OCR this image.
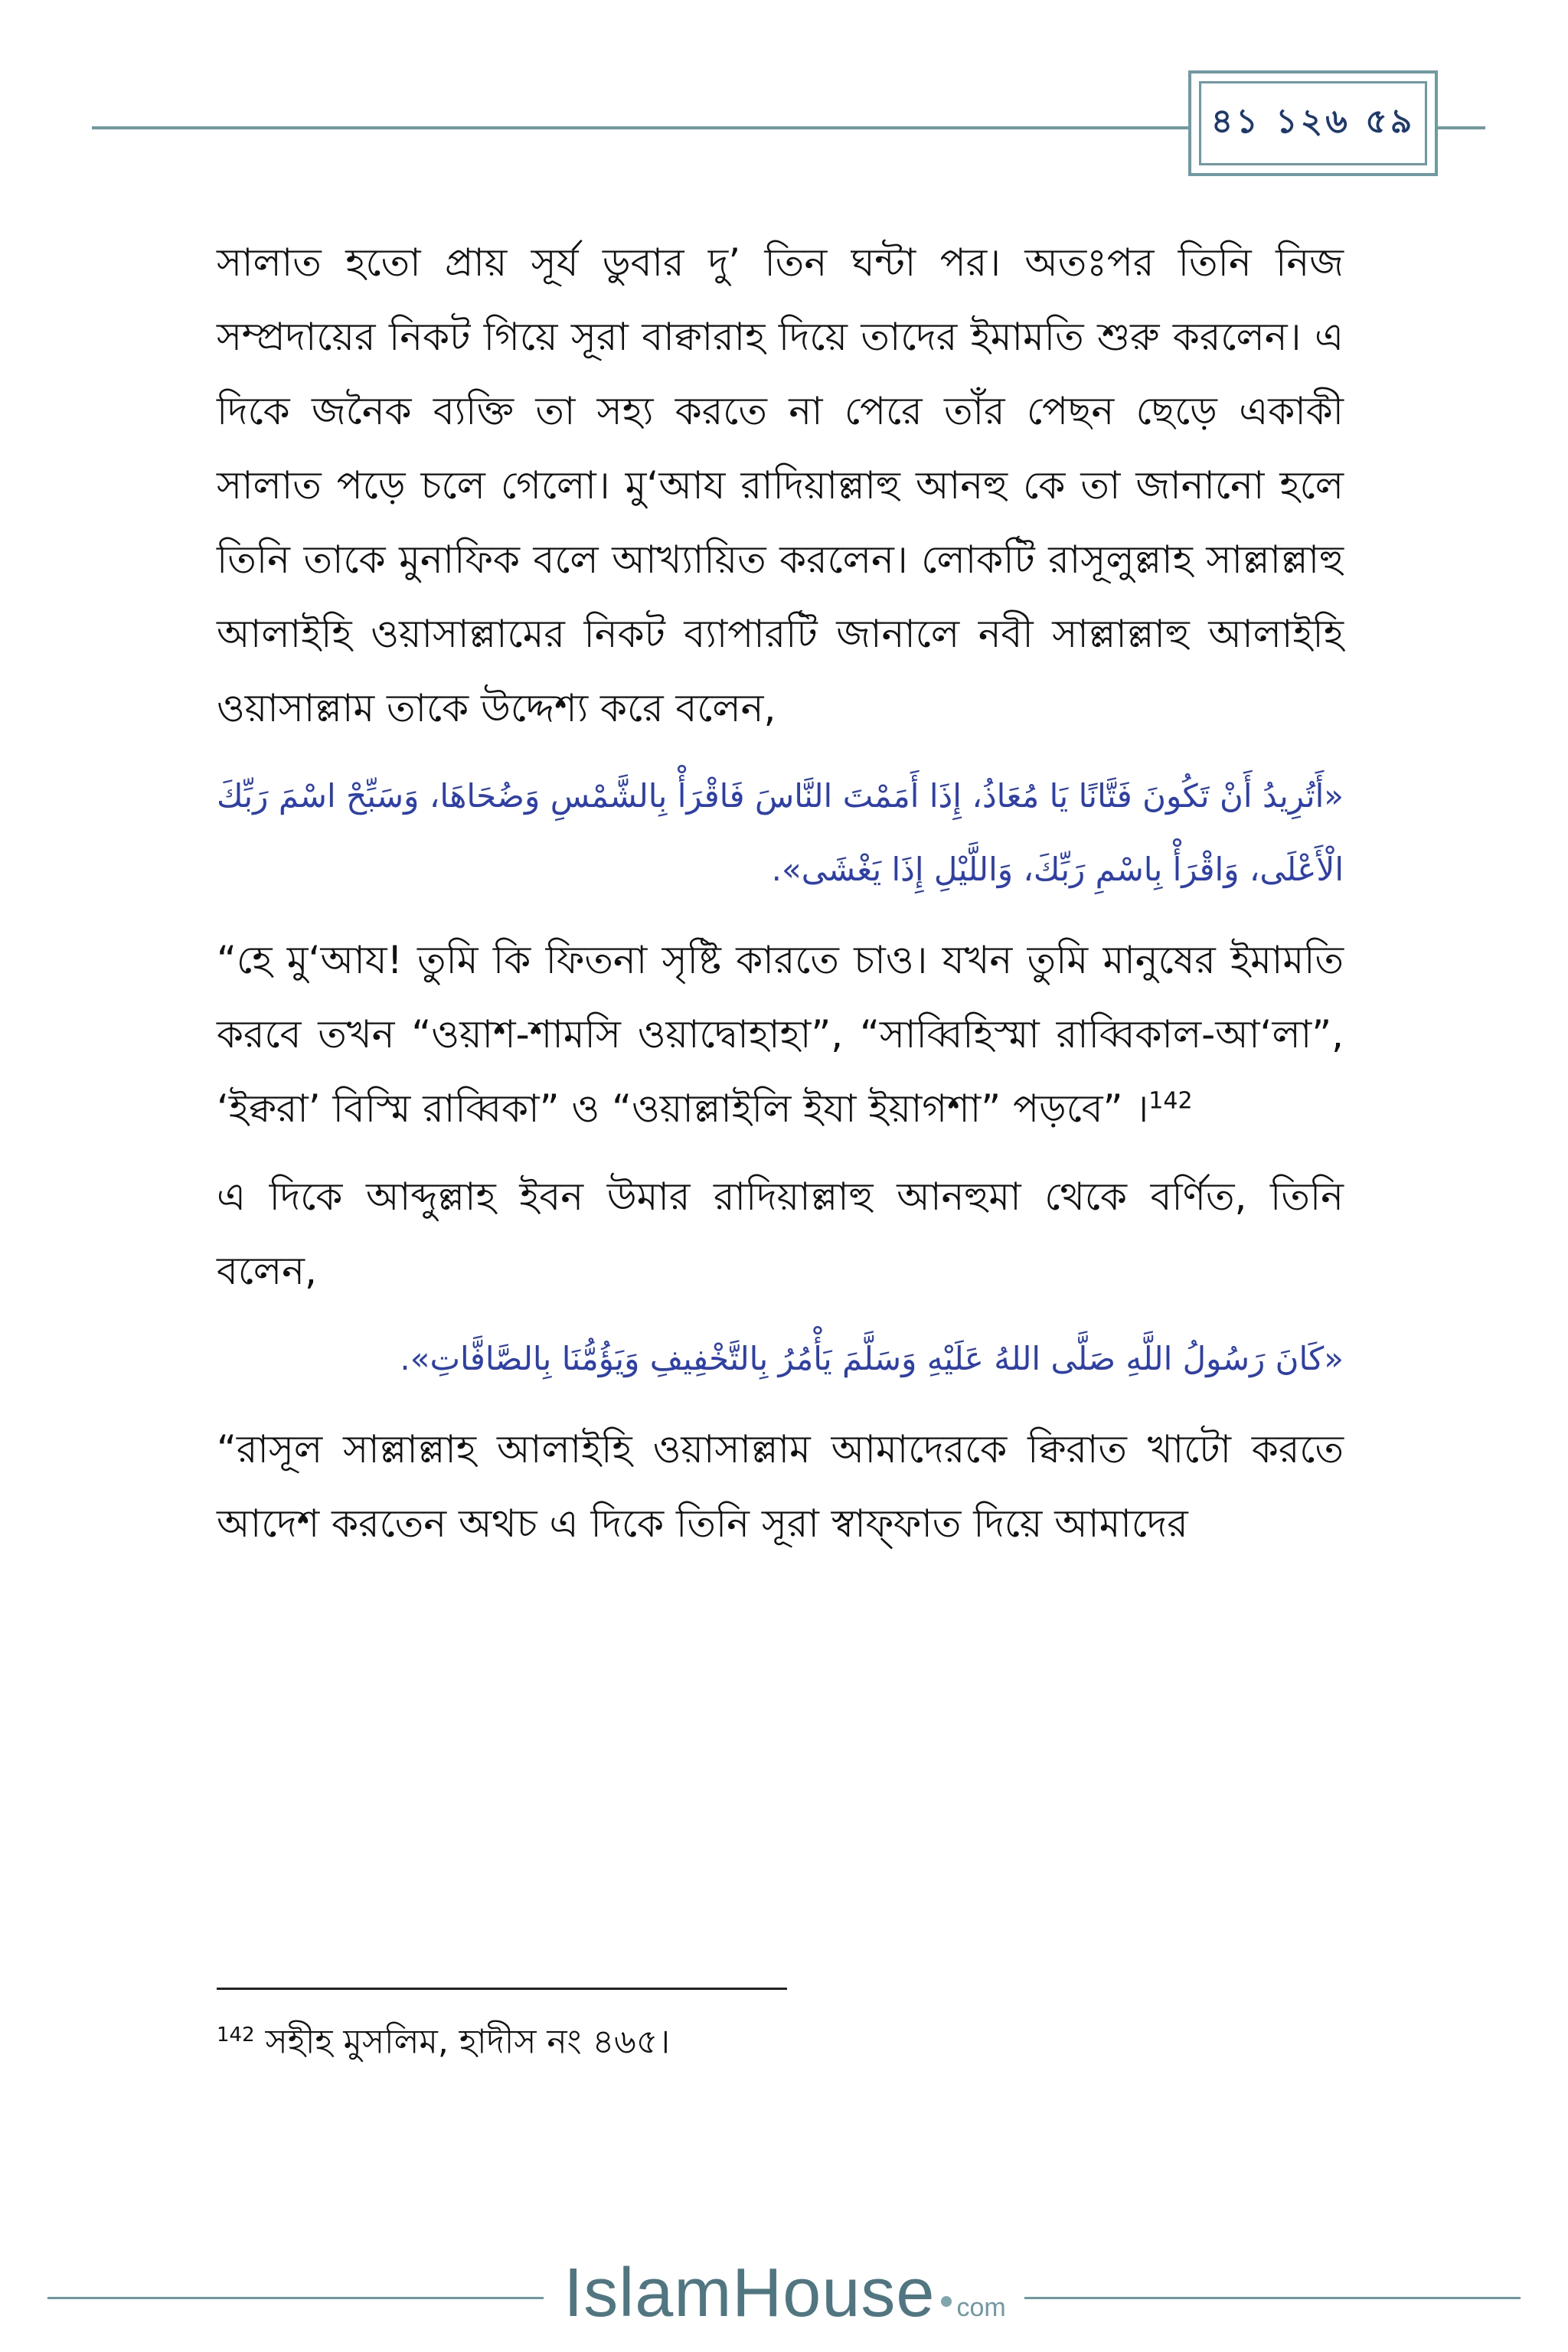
৪১ ১২৬ ৫৯

সালাত হতো প্রায় সূর্য ডুবার দু’ তিন ঘন্টা পর। অতঃপর তিনি নিজ সম্প্রদায়ের নিকট গিয়ে সূরা বাক্বারাহ দিয়ে তাদের ইমামতি শুরু করলেন। এ দিকে জনৈক ব্যক্তি তা সহ্য করতে না পেরে তাঁর পেছন ছেড়ে একাকী সালাত পড়ে চলে গেলো। মু‘আয রাদিয়াল্লাহু আনহু কে তা জানানো হলে তিনি তাকে মুনাফিক বলে আখ্যায়িত করলেন। লোকটি রাসূলুল্লাহ সাল্লাল্লাহু আলাইহি ওয়াসাল্লামের নিকট ব্যাপারটি জানালে নবী সাল্লাল্লাহু আলাইহি ওয়াসাল্লাম তাকে উদ্দেশ্য করে বলেন,

«أَتُرِيدُ أَنْ تَكُونَ فَتَّانًا يَا مُعَاذُ، إِذَا أَمَمْتَ النَّاسَ فَاقْرَأْ بِالشَّمْسِ وَضُحَاهَا، وَسَبِّحْ اسْمَ رَبِّكَ الْأَعْلَى، وَاقْرَأْ بِاسْمِ رَبِّكَ، وَاللَّيْلِ إِذَا يَغْشَى».

“হে মু‘আয! তুমি কি ফিতনা সৃষ্টি কারতে চাও। যখন তুমি মানুষের ইমামতি করবে তখন “ওয়াশ-শামসি ওয়াদ্বোহাহা”, “সাব্বিহিস্মা রাব্বিকাল-আ‘লা”, ‘ইক্বরা’ বিস্মি রাব্বিকা” ও “ওয়াল্লাইলি ইযা ইয়াগশা” পড়বে” ।$^{142}$

এ দিকে আব্দুল্লাহ ইবন উমার রাদিয়াল্লাহু আনহুমা থেকে বর্ণিত, তিনি বলেন,

«كَانَ رَسُولُ اللَّهِ صَلَّى اللهُ عَلَيْهِ وَسَلَّمَ يَأْمُرُ بِالتَّخْفِيفِ وَيَؤُمُّنَا بِالصَّافَّاتِ».

“রাসূল সাল্লাল্লাহ আলাইহি ওয়াসাল্লাম আমাদেরকে ক্বিরাত খাটো করতে আদেশ করতেন অথচ এ দিকে তিনি সূরা স্বাফ্ফাত দিয়ে আমাদের

$^{142}$ সহীহ মুসলিম, হাদীস নং ৪৬৫।
IslamHouse com
